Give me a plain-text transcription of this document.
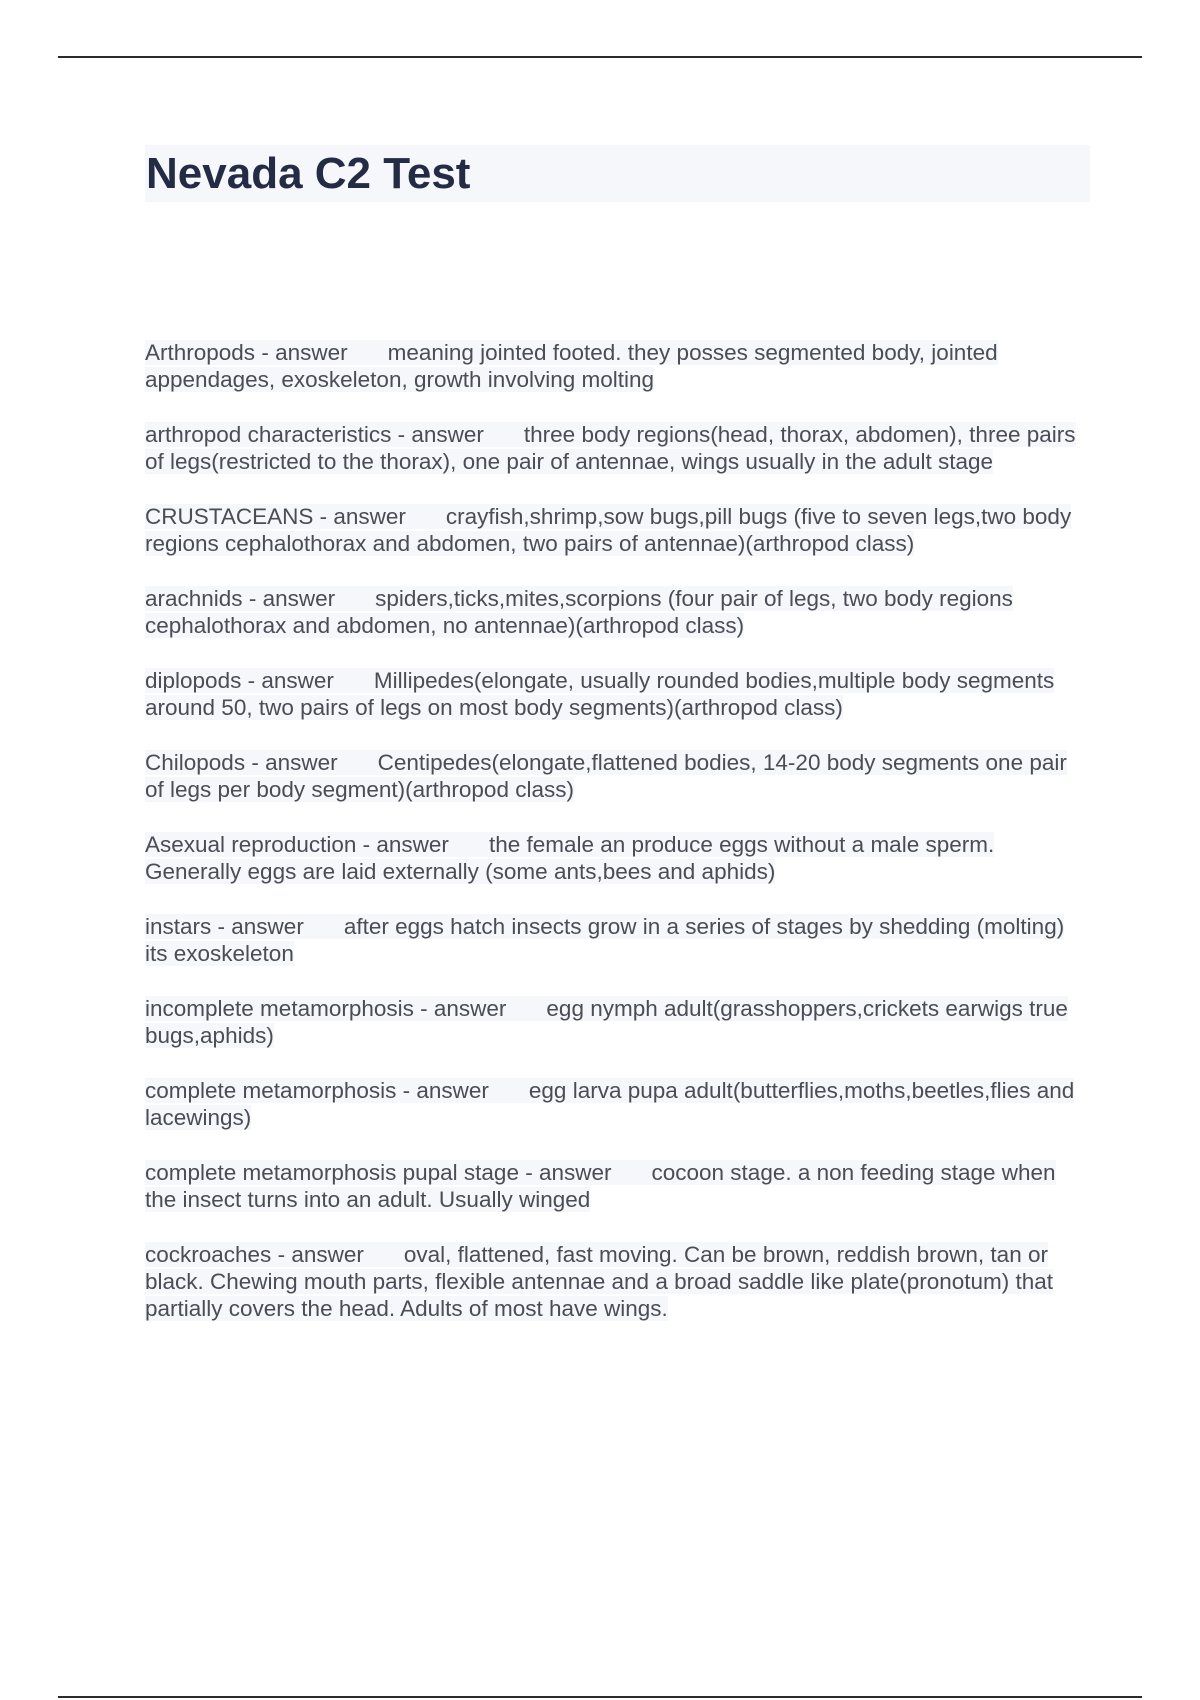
Nevada C2 Test
Arthropods - answer meaning jointed footed. they posses segmented body, jointed appendages, exoskeleton, growth involving molting
arthropod characteristics - answer three body regions(head, thorax, abdomen), three pairs of legs(restricted to the thorax), one pair of antennae, wings usually in the adult stage
CRUSTACEANS - answer crayfish,shrimp,sow bugs,pill bugs (five to seven legs,two body regions cephalothorax and abdomen, two pairs of antennae)(arthropod class)
arachnids - answer spiders,ticks,mites,scorpions (four pair of legs, two body regions cephalothorax and abdomen, no antennae)(arthropod class)
diplopods - answer Millipedes(elongate, usually rounded bodies,multiple body segments around 50, two pairs of legs on most body segments)(arthropod class)
Chilopods - answer Centipedes(elongate,flattened bodies, 14-20 body segments one pair of legs per body segment)(arthropod class)
Asexual reproduction - answer the female an produce eggs without a male sperm. Generally eggs are laid externally (some ants,bees and aphids)
instars - answer after eggs hatch insects grow in a series of stages by shedding (molting) its exoskeleton
incomplete metamorphosis - answer egg nymph adult(grasshoppers,crickets earwigs true bugs,aphids)
complete metamorphosis - answer egg larva pupa adult(butterflies,moths,beetles,flies and lacewings)
complete metamorphosis pupal stage - answer cocoon stage. a non feeding stage when the insect turns into an adult. Usually winged
cockroaches - answer oval, flattened, fast moving. Can be brown, reddish brown, tan or black. Chewing mouth parts, flexible antennae and a broad saddle like plate(pronotum) that partially covers the head. Adults of most have wings.
